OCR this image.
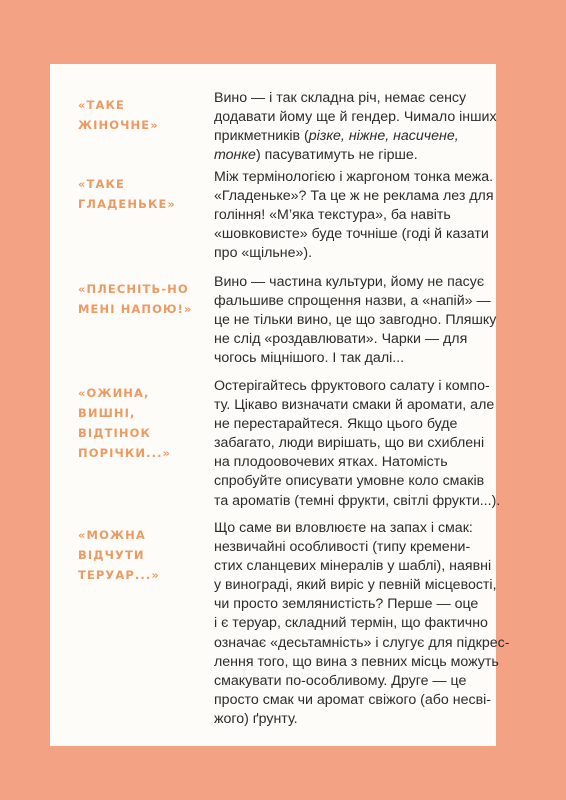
«ТАКЕ
ЖІНОЧНЕ»
Вино — і так складна річ, немає сенсу
додавати йому ще й гендер. Чимало інших
прикметників (різке, ніжне, насичене,
тонке) пасуватимуть не гірше.
«ТАКЕ
ГЛАДЕНЬКЕ»
Між термінологією і жаргоном тонка межа.
«Гладеньке»? Та це ж не реклама лез для
гоління! «М’яка текстура», ба навіть
«шовковисте» буде точніше (годі й казати
про «щільне»).
«ПЛЕСНІТЬ-НО
МЕНІ НАПОЮ!»
Вино — частина культури, йому не пасує
фальшиве спрощення назви, а «напій» —
це не тільки вино, це що завгодно. Пляшку
не слід «роздавлювати». Чарки — для
чогось міцнішого. І так далі...
«ОЖИНА,
ВИШНІ,
ВІДТІНОК
ПОРІЧКИ...»
Остерігайтесь фруктового салату і компо-
ту. Цікаво визначати смаки й аромати, але
не перестарайтеся. Якщо цього буде
забагато, люди вирішать, що ви схиблені
на плодоовочевих ятках. Натомість
спробуйте описувати умовне коло смаків
та ароматів (темні фрукти, світлі фрукти...).
«МОЖНА
ВІДЧУТИ
ТЕРУАР...»
Що саме ви вловлюєте на запах і смак:
незвичайні особливості (типу кремени-
стих сланцевих мінералів у шаблі), наявні
у винограді, який виріс у певній місцевості,
чи просто землянистість? Перше — оце
і є теруар, складний термін, що фактично
означає «десьтамність» і слугує для підкрес-
лення того, що вина з певних місць можуть
смакувати по-особливому. Друге — це
просто смак чи аромат свіжого (або несві-
жого) ґрунту.
